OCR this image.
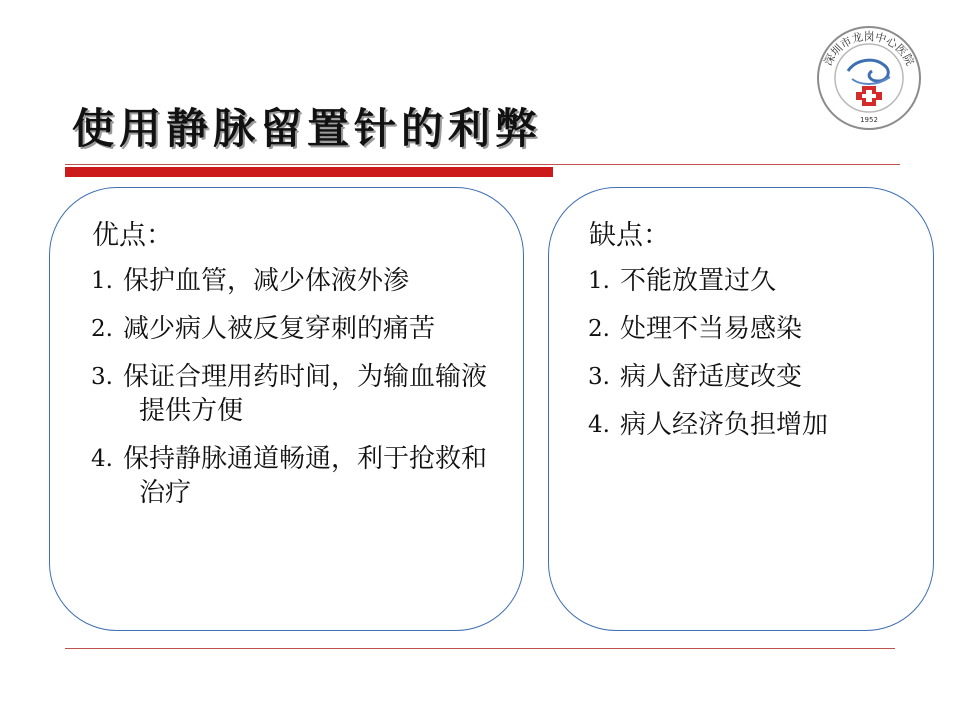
深圳市龙岗中心医院
1952
使用静脉留置针的利弊
优点：
1. 保护血管，减少体液外渗
2. 减少病人被反复穿刺的痛苦
3. 保证合理用药时间，为输血输液提供方便
4. 保持静脉通道畅通，利于抢救和治疗
缺点：
1. 不能放置过久
2. 处理不当易感染
3. 病人舒适度改变
4. 病人经济负担增加
